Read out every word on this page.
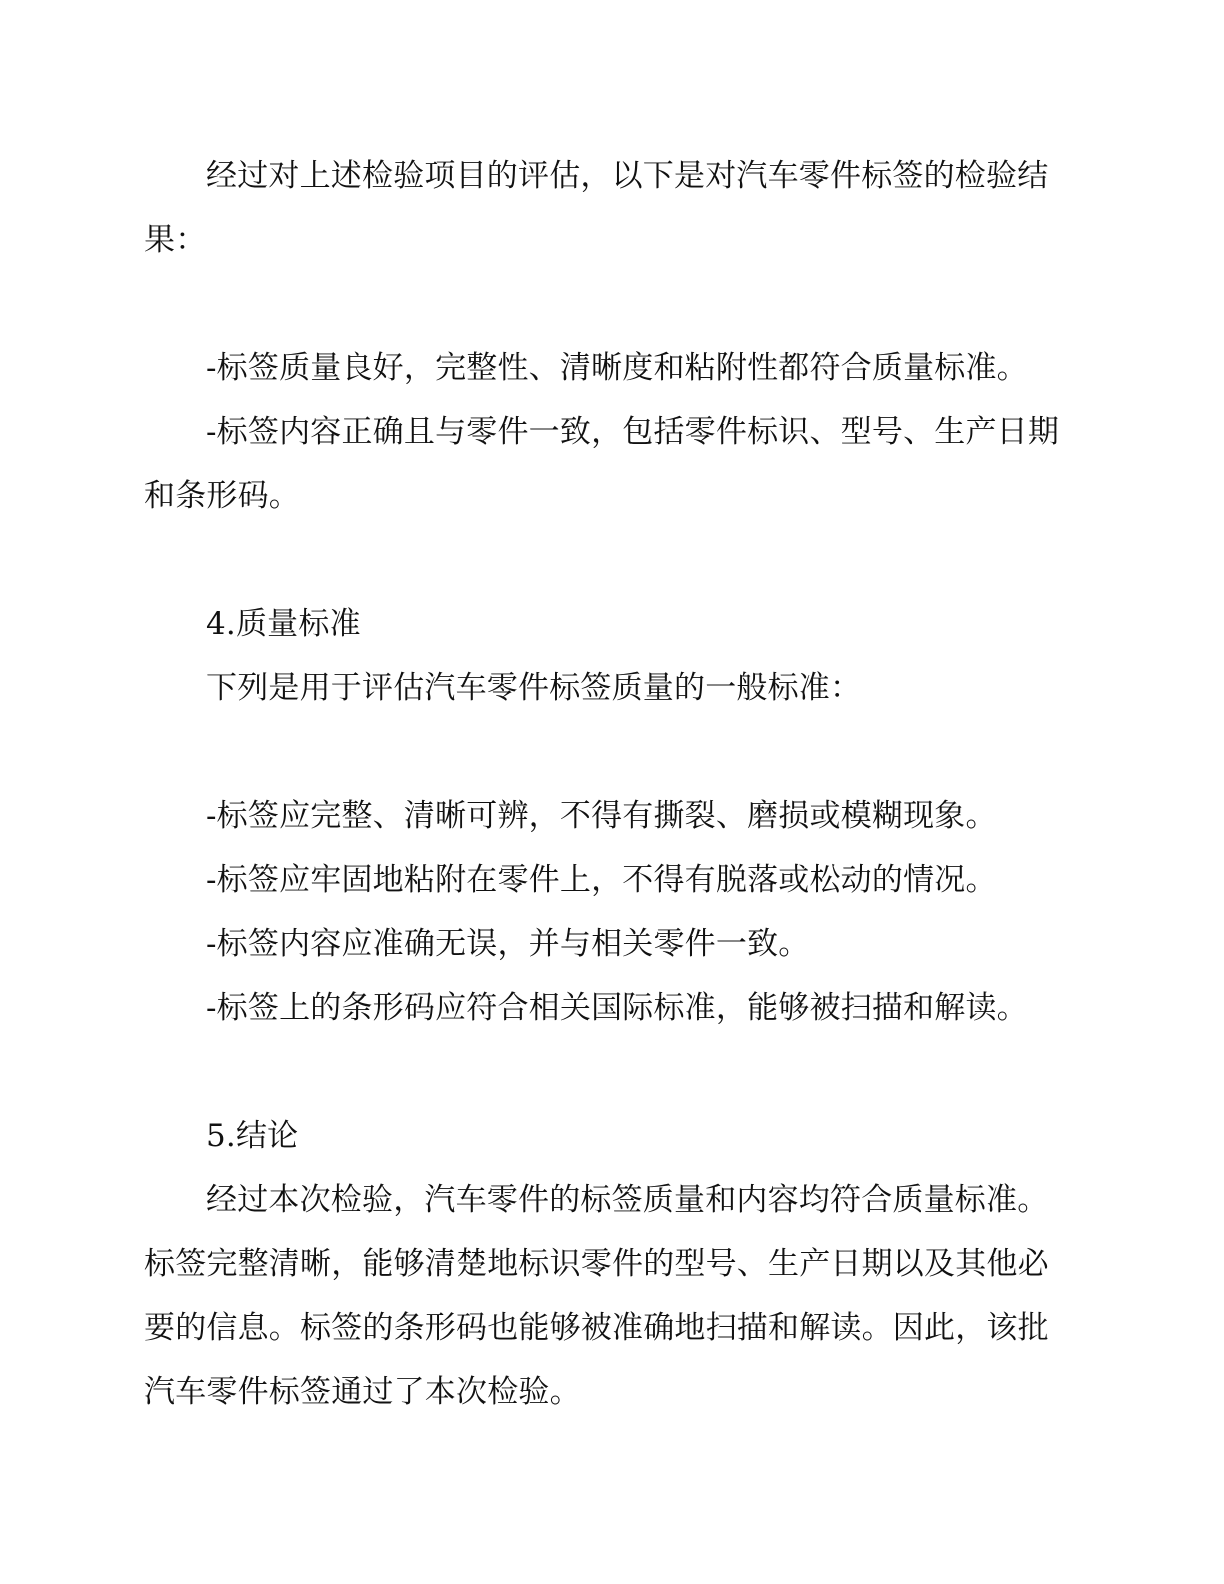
经过对上述检验项目的评估，以下是对汽车零件标签的检验结果：

-标签质量良好，完整性、清晰度和粘附性都符合质量标准。

-标签内容正确且与零件一致，包括零件标识、型号、生产日期和条形码。

4.质量标准

下列是用于评估汽车零件标签质量的一般标准：

-标签应完整、清晰可辨，不得有撕裂、磨损或模糊现象。

-标签应牢固地粘附在零件上，不得有脱落或松动的情况。

-标签内容应准确无误，并与相关零件一致。

-标签上的条形码应符合相关国际标准，能够被扫描和解读。

5.结论

经过本次检验，汽车零件的标签质量和内容均符合质量标准。标签完整清晰，能够清楚地标识零件的型号、生产日期以及其他必要的信息。标签的条形码也能够被准确地扫描和解读。因此，该批汽车零件标签通过了本次检验。
